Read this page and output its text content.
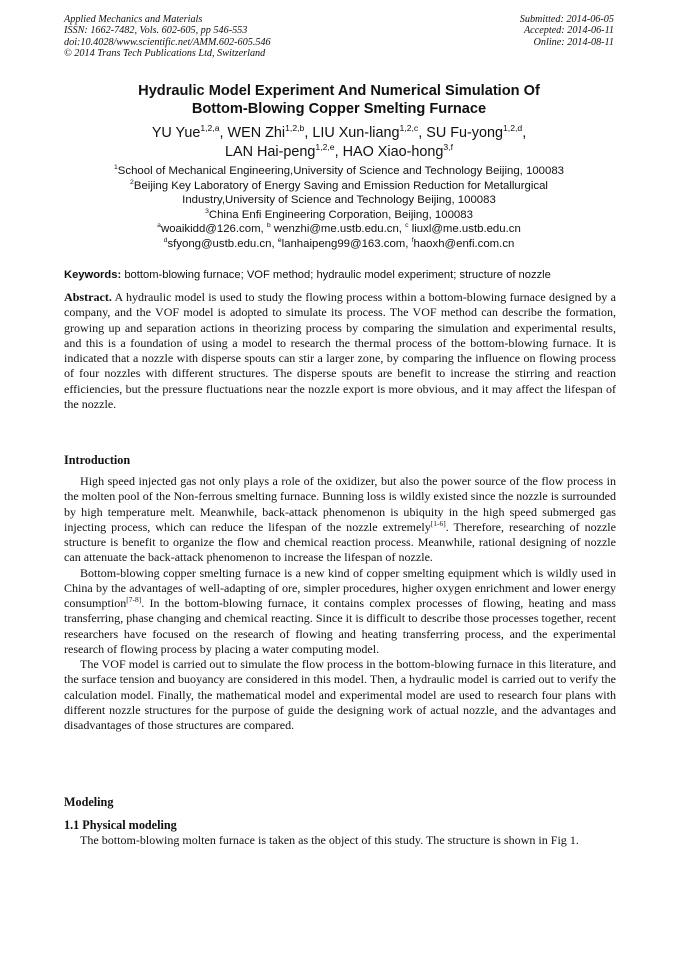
Applied Mechanics and Materials
ISSN: 1662-7482, Vols. 602-605, pp 546-553
doi:10.4028/www.scientific.net/AMM.602-605.546
© 2014 Trans Tech Publications Ltd, Switzerland
Submitted: 2014-06-05
Accepted: 2014-06-11
Online: 2014-08-11
Hydraulic Model Experiment And Numerical Simulation Of
Bottom-Blowing Copper Smelting Furnace
YU Yue$^{1,2,a}$, WEN Zhi$^{1,2,b}$, LIU Xun-liang$^{1,2,c}$, SU Fu-yong$^{1,2,d}$,
LAN Hai-peng$^{1,2,e}$, HAO Xiao-hong$^{3,f}$
$^1$School of Mechanical Engineering,University of Science and Technology Beijing, 100083
$^2$Beijing Key Laboratory of Energy Saving and Emission Reduction for Metallurgical
Industry,University of Science and Technology Beijing, 100083
$^3$China Enfi Engineering Corporation, Beijing, 100083
$^a$woaikidd@126.com, $^b$ wenzhi@me.ustb.edu.cn, $^c$ liuxl@me.ustb.edu.cn
$^d$sfyong@ustb.edu.cn, $^e$lanhaipeng99@163.com, $^f$haoxh@enfi.com.cn
Keywords: bottom-blowing furnace; VOF method; hydraulic model experiment; structure of nozzle

Abstract. A hydraulic model is used to study the flowing process within a bottom-blowing furnace designed by a company, and the VOF model is adopted to simulate its process. The VOF method can describe the formation, growing up and separation actions in theorizing process by comparing the simulation and experimental results, and this is a foundation of using a model to research the thermal process of the bottom-blowing furnace. It is indicated that a nozzle with disperse spouts can stir a larger zone, by comparing the influence on flowing process of four nozzles with different structures. The disperse spouts are benefit to increase the stirring and reaction efficiencies, but the pressure fluctuations near the nozzle export is more obvious, and it may affect the lifespan of the nozzle.

Introduction

High speed injected gas not only plays a role of the oxidizer, but also the power source of the flow process in the molten pool of the Non-ferrous smelting furnace. Bunning loss is wildly existed since the nozzle is surrounded by high temperature melt. Meanwhile, back-attack phenomenon is ubiquity in the high speed submerged gas injecting process, which can reduce the lifespan of the nozzle extremely[1-6]. Therefore, researching of nozzle structure is benefit to organize the flow and chemical reaction process. Meanwhile, rational designing of nozzle can attenuate the back-attack phenomenon to increase the lifespan of nozzle.

Bottom-blowing copper smelting furnace is a new kind of copper smelting equipment which is wildly used in China by the advantages of well-adapting of ore, simpler procedures, higher oxygen enrichment and lower energy consumption[7-8]. In the bottom-blowing furnace, it contains complex processes of flowing, heating and mass transferring, phase changing and chemical reacting. Since it is difficult to describe those processes together, recent researchers have focused on the research of flowing and heating transferring process, and the experimental research of flowing process by placing a water computing model.

The VOF model is carried out to simulate the flow process in the bottom-blowing furnace in this literature, and the surface tension and buoyancy are considered in this model. Then, a hydraulic model is carried out to verify the calculation model. Finally, the mathematical model and experimental model are used to research four plans with different nozzle structures for the purpose of guide the designing work of actual nozzle, and the advantages and disadvantages of those structures are compared.

Modeling
1.1 Physical modeling

The bottom-blowing molten furnace is taken as the object of this study. The structure is shown in Fig 1.
